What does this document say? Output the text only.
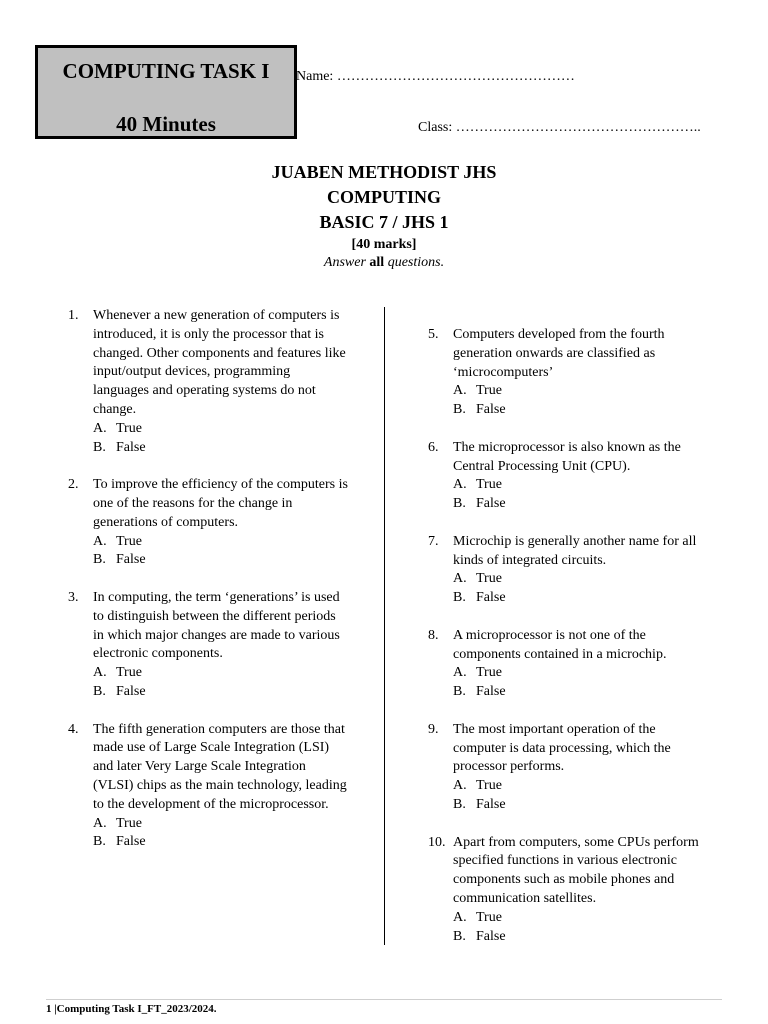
COMPUTING TASK I
40 Minutes
Name: ……………………………………………
Class: ……………………………………………..
JUABEN METHODIST JHS
COMPUTING
BASIC 7 / JHS 1
[40 marks]
Answer all questions.
1.	Whenever a new generation of computers is introduced, it is only the processor that is changed. Other components and features like input/output devices, programming languages and operating systems do not change.
A. True
B. False
2.	To improve the efficiency of the computers is one of the reasons for the change in generations of computers.
A. True
B. False
3.	In computing, the term ‘generations’ is used to distinguish between the different periods in which major changes are made to various electronic components.
A. True
B. False
4.	The fifth generation computers are those that made use of Large Scale Integration (LSI) and later Very Large Scale Integration (VLSI) chips as the main technology, leading to the development of the microprocessor.
A. True
B. False
5.	Computers developed from the fourth generation onwards are classified as ‘microcomputers’
A. True
B. False
6.	The microprocessor is also known as the Central Processing Unit (CPU).
A. True
B. False
7.	Microchip is generally another name for all kinds of integrated circuits.
A. True
B. False
8.	A microprocessor is not one of the components contained in a microchip.
A. True
B. False
9.	The most important operation of the computer is data processing, which the processor performs.
A. True
B. False
10. Apart from computers, some CPUs perform specified functions in various electronic components such as mobile phones and communication satellites.
A. True
B. False
1 |Computing Task I_FT_2023/2024.
